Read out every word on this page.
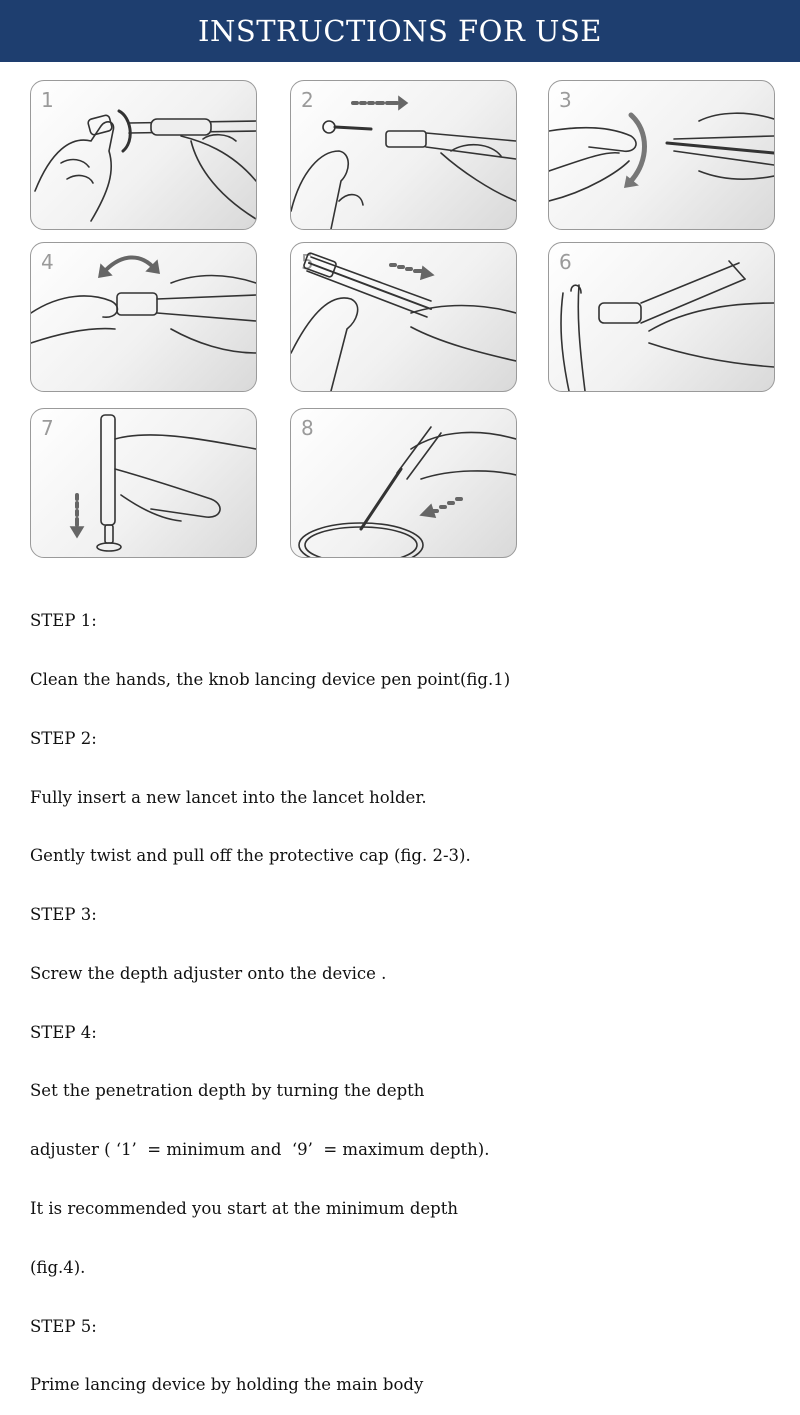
INSTRUCTIONS FOR USE
1	2	3
4	5	6
7	8

STEP 1:

Clean the hands, the knob lancing device pen point(fig.1)

STEP 2:

Fully insert a new lancet into the lancet holder.

Gently twist and pull off the protective cap (fig. 2-3).

STEP 3:

Screw the depth adjuster onto the device .

STEP 4:

Set the penetration depth by turning the depth

adjuster ( ‘1’  = minimum and  ‘9’  = maximum depth).

It is recommended you start at the minimum depth

(fig.4).

STEP 5:

Prime lancing device by holding the main body
